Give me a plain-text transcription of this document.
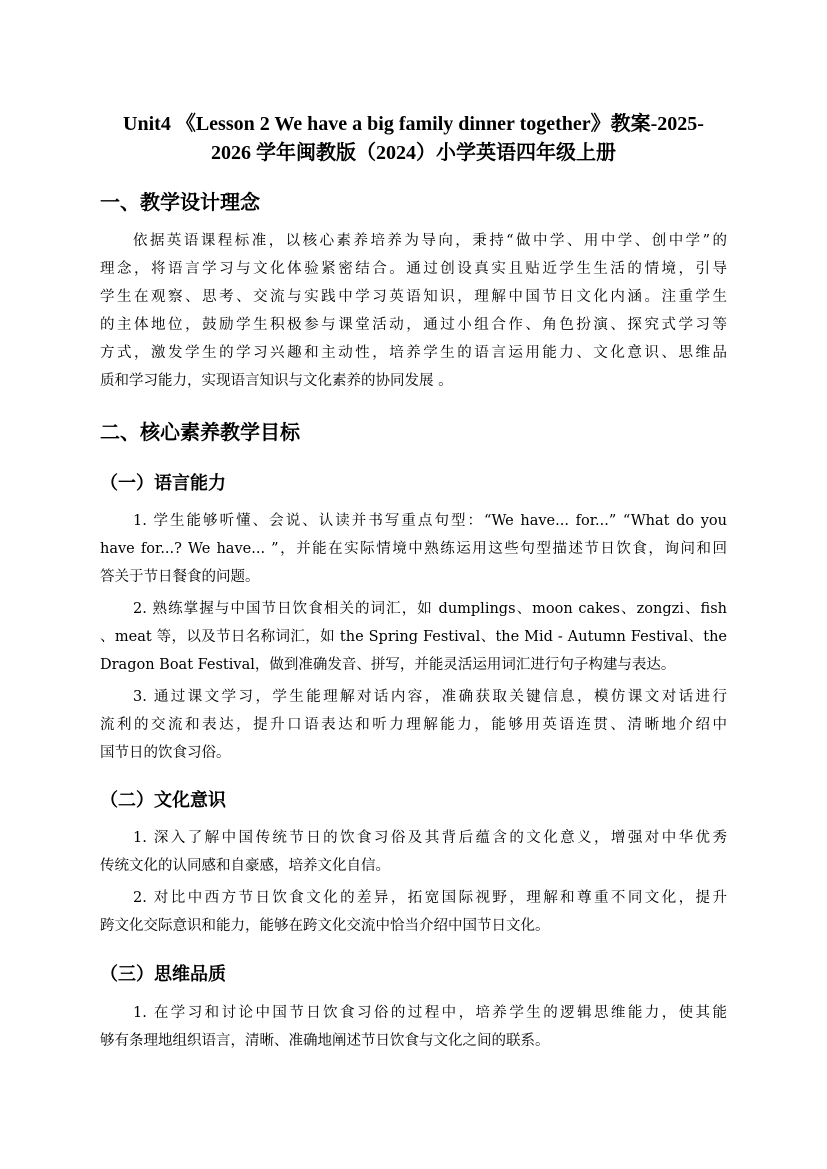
Unit4 《Lesson 2 We have a big family dinner together》教案-2025-
2026 学年闽教版（2024）小学英语四年级上册
一、教学设计理念
依据英语课程标准，以核心素养培养为导向，秉持“做中学、用中学、创中学”的
理念，将语言学习与文化体验紧密结合。通过创设真实且贴近学生生活的情境，引导
学生在观察、思考、交流与实践中学习英语知识，理解中国节日文化内涵。注重学生
的主体地位，鼓励学生积极参与课堂活动，通过小组合作、角色扮演、探究式学习等
方式，激发学生的学习兴趣和主动性，培养学生的语言运用能力、文化意识、思维品
质和学习能力，实现语言知识与文化素养的协同发展 。
二、核心素养教学目标
（一）语言能力
1. 学生能够听懂、会说、认读并书写重点句型：“We have... for...” “What do you
have for...? We have... ”，并能在实际情境中熟练运用这些句型描述节日饮食，询问和回
答关于节日餐食的问题。
2. 熟练掌握与中国节日饮食相关的词汇，如 dumplings、moon cakes、zongzi、fish
、meat 等，以及节日名称词汇，如 the Spring Festival、the Mid - Autumn Festival、the
Dragon Boat Festival，做到准确发音、拼写，并能灵活运用词汇进行句子构建与表达。
3. 通过课文学习，学生能理解对话内容，准确获取关键信息，模仿课文对话进行
流利的交流和表达，提升口语表达和听力理解能力，能够用英语连贯、清晰地介绍中
国节日的饮食习俗。
（二）文化意识
1. 深入了解中国传统节日的饮食习俗及其背后蕴含的文化意义，增强对中华优秀
传统文化的认同感和自豪感，培养文化自信。
2. 对比中西方节日饮食文化的差异，拓宽国际视野，理解和尊重不同文化，提升
跨文化交际意识和能力，能够在跨文化交流中恰当介绍中国节日文化。
（三）思维品质
1. 在学习和讨论中国节日饮食习俗的过程中，培养学生的逻辑思维能力，使其能
够有条理地组织语言，清晰、准确地阐述节日饮食与文化之间的联系。
